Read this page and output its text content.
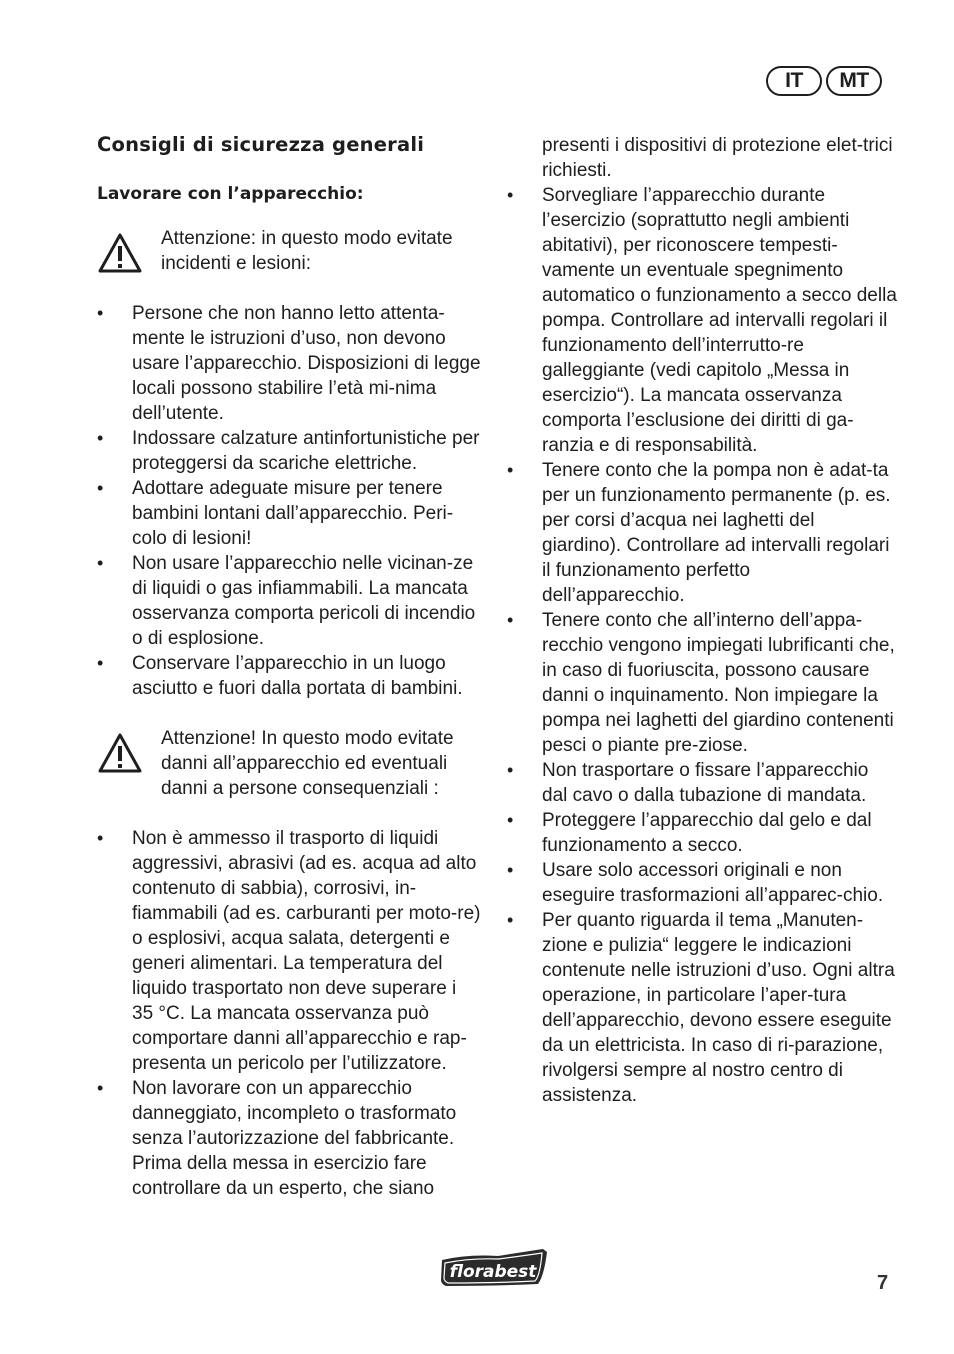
IT	MT
Consigli di sicurezza generali
Lavorare con l’apparecchio:

Attenzione: in questo modo evitate incidenti e lesioni:

• Persone che non hanno letto attenta-mente le istruzioni d’uso, non devono usare l’apparecchio. Disposizioni di legge locali possono stabilire l’età mi-nima dell’utente.
• Indossare calzature antinfortunistiche per proteggersi da scariche elettriche.
• Adottare adeguate misure per tenere bambini lontani dall’apparecchio. Peri-colo di lesioni!
• Non usare l’apparecchio nelle vicinan-ze di liquidi o gas infiammabili. La mancata osservanza comporta pericoli di incendio o di esplosione.
• Conservare l’apparecchio in un luogo asciutto e fuori dalla portata di bambini.

Attenzione! In questo modo evitate danni all’apparecchio ed eventuali danni a persone consequenziali :

• Non è ammesso il trasporto di liquidi aggressivi, abrasivi (ad es. acqua ad alto contenuto di sabbia), corrosivi, in-fiammabili (ad es. carburanti per moto-re) o esplosivi, acqua salata, detergenti e generi alimentari. La temperatura del liquido trasportato non deve superare i 35 °C. La mancata osservanza può comportare danni all’apparecchio e rap-presenta un pericolo per l’utilizzatore.
• Non lavorare con un apparecchio danneggiato, incompleto o trasformato senza l’autorizzazione del fabbricante. Prima della messa in esercizio fare controllare da un esperto, che siano

presenti i dispositivi di protezione elet-trici richiesti.

• Sorvegliare l’apparecchio durante l’esercizio (soprattutto negli ambienti abitativi), per riconoscere tempesti-vamente un eventuale spegnimento automatico o funzionamento a secco della pompa. Controllare ad intervalli regolari il funzionamento dell’interrutto-re galleggiante (vedi capitolo „Messa in esercizio“). La mancata osservanza comporta l’esclusione dei diritti di ga-ranzia e di responsabilità.
• Tenere conto che la pompa non è adat-ta per un funzionamento permanente (p. es. per corsi d’acqua nei laghetti del giardino). Controllare ad intervalli regolari il funzionamento perfetto dell’apparecchio.
• Tenere conto che all’interno dell’appa-recchio vengono impiegati lubrificanti che, in caso di fuoriuscita, possono causare danni o inquinamento. Non impiegare la pompa nei laghetti del giardino contenenti pesci o piante pre-ziose.
• Non trasportare o fissare l’apparecchio dal cavo o dalla tubazione di mandata.
• Proteggere l’apparecchio dal gelo e dal funzionamento a secco.
• Usare solo accessori originali e non eseguire trasformazioni all’apparec-chio.
• Per quanto riguarda il tema „Manuten-zione e pulizia“ leggere le indicazioni contenute nelle istruzioni d’uso. Ogni altra operazione, in particolare l’aper-tura dell’apparecchio, devono essere eseguite da un elettricista. In caso di ri-parazione, rivolgersi sempre al nostro centro di assistenza.
florabest	7
